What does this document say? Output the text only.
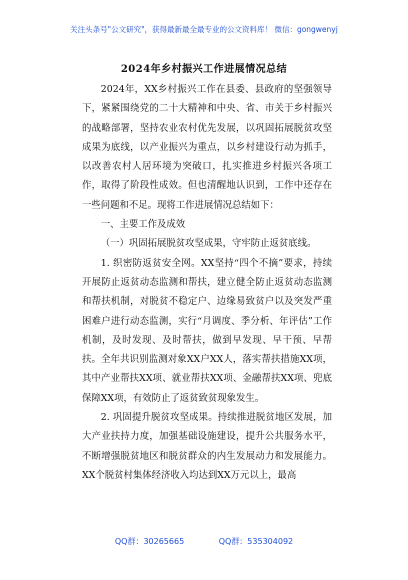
关注头条号"公文研究"，获得最新最全最专业的公文资料库！ 微信：gongwenyj
2024年乡村振兴工作进展情况总结

2024年，XX乡村振兴工作在县委、县政府的坚强领导下，紧紧围绕党的二十大精神和中央、省、市关于乡村振兴的战略部署，坚持农业农村优先发展，以巩固拓展脱贫攻坚成果为底线，以产业振兴为重点，以乡村建设行动为抓手，以改善农村人居环境为突破口，扎实推进乡村振兴各项工作，取得了阶段性成效。但也清醒地认识到，工作中还存在一些问题和不足。现将工作进展情况总结如下：

一、主要工作及成效

（一）巩固拓展脱贫攻坚成果，守牢防止返贫底线。

1. 织密防返贫安全网。XX坚持“四个不摘”要求，持续开展防止返贫动态监测和帮扶，建立健全防止返贫动态监测和帮扶机制，对脱贫不稳定户、边缘易致贫户以及突发严重困难户进行动态监测，实行“月调度、季分析、年评估”工作机制，及时发现、及时帮扶，做到早发现、早干预、早帮扶。全年共识别监测对象XX户XX人，落实帮扶措施XX项，其中产业帮扶XX项、就业帮扶XX项、金融帮扶XX项、兜底保障XX项，有效防止了返贫致贫现象发生。

2. 巩固提升脱贫攻坚成果。持续推进脱贫地区发展，加大产业扶持力度，加强基础设施建设，提升公共服务水平，不断增强脱贫地区和脱贫群众的内生发展动力和发展能力。XX个脱贫村集体经济收入均达到XX万元以上，最高

QQ群：30265665	QQ群：535304092
